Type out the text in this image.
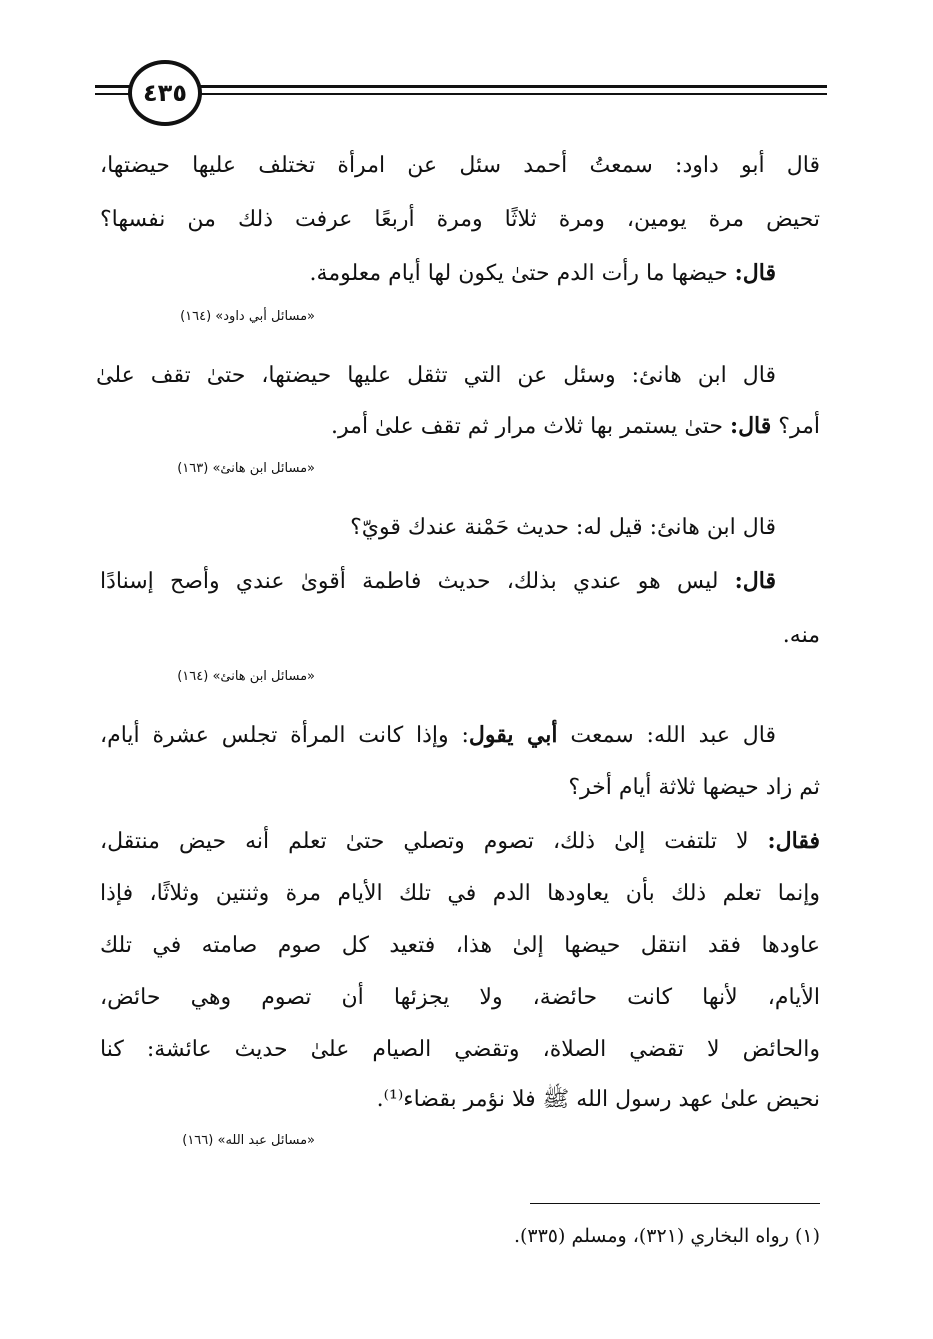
٤٣٥
قال أبو داود: سمعتُ أحمد سئل عن امرأة تختلف عليها حيضتها،
تحيض مرة يومين، ومرة ثلاثًا ومرة أربعًا عرفت ذلك من نفسها؟
قال: حيضها ما رأت الدم حتىٰ يكون لها أيام معلومة.
«مسائل أبي داود» (١٦٤)
قال ابن هانئ: وسئل عن التي تثقل عليها حيضتها، حتىٰ تقف علىٰ
أمر؟ قال: حتىٰ يستمر بها ثلاث مرار ثم تقف علىٰ أمر.
«مسائل ابن هانئ» (١٦٣)
قال ابن هانئ: قيل له: حديث حَمْنة عندك قويّ؟
قال: ليس هو عندي بذلك، حديث فاطمة أقوىٰ عندي وأصح إسنادًا
منه.
«مسائل ابن هانئ» (١٦٤)
قال عبد الله: سمعت أبي يقول: وإذا كانت المرأة تجلس عشرة أيام،
ثم زاد حيضها ثلاثة أيام أخر؟
فقال: لا تلتفت إلىٰ ذلك، تصوم وتصلي حتىٰ تعلم أنه حيض منتقل،
وإنما تعلم ذلك بأن يعاودها الدم في تلك الأيام مرة وثنتين وثلاثًا، فإذا
عاودها فقد انتقل حيضها إلىٰ هذا، فتعيد كل صوم صامته في تلك
الأيام، لأنها كانت حائضة، ولا يجزئها أن تصوم وهي حائض،
والحائض لا تقضي الصلاة، وتقضي الصيام علىٰ حديث عائشة: كنا
نحيض علىٰ عهد رسول الله ﷺ فلا نؤمر بقضاء⁽¹⁾.
«مسائل عبد الله» (١٦٦)
(١) رواه البخاري (٣٢١)، ومسلم (٣٣٥).
